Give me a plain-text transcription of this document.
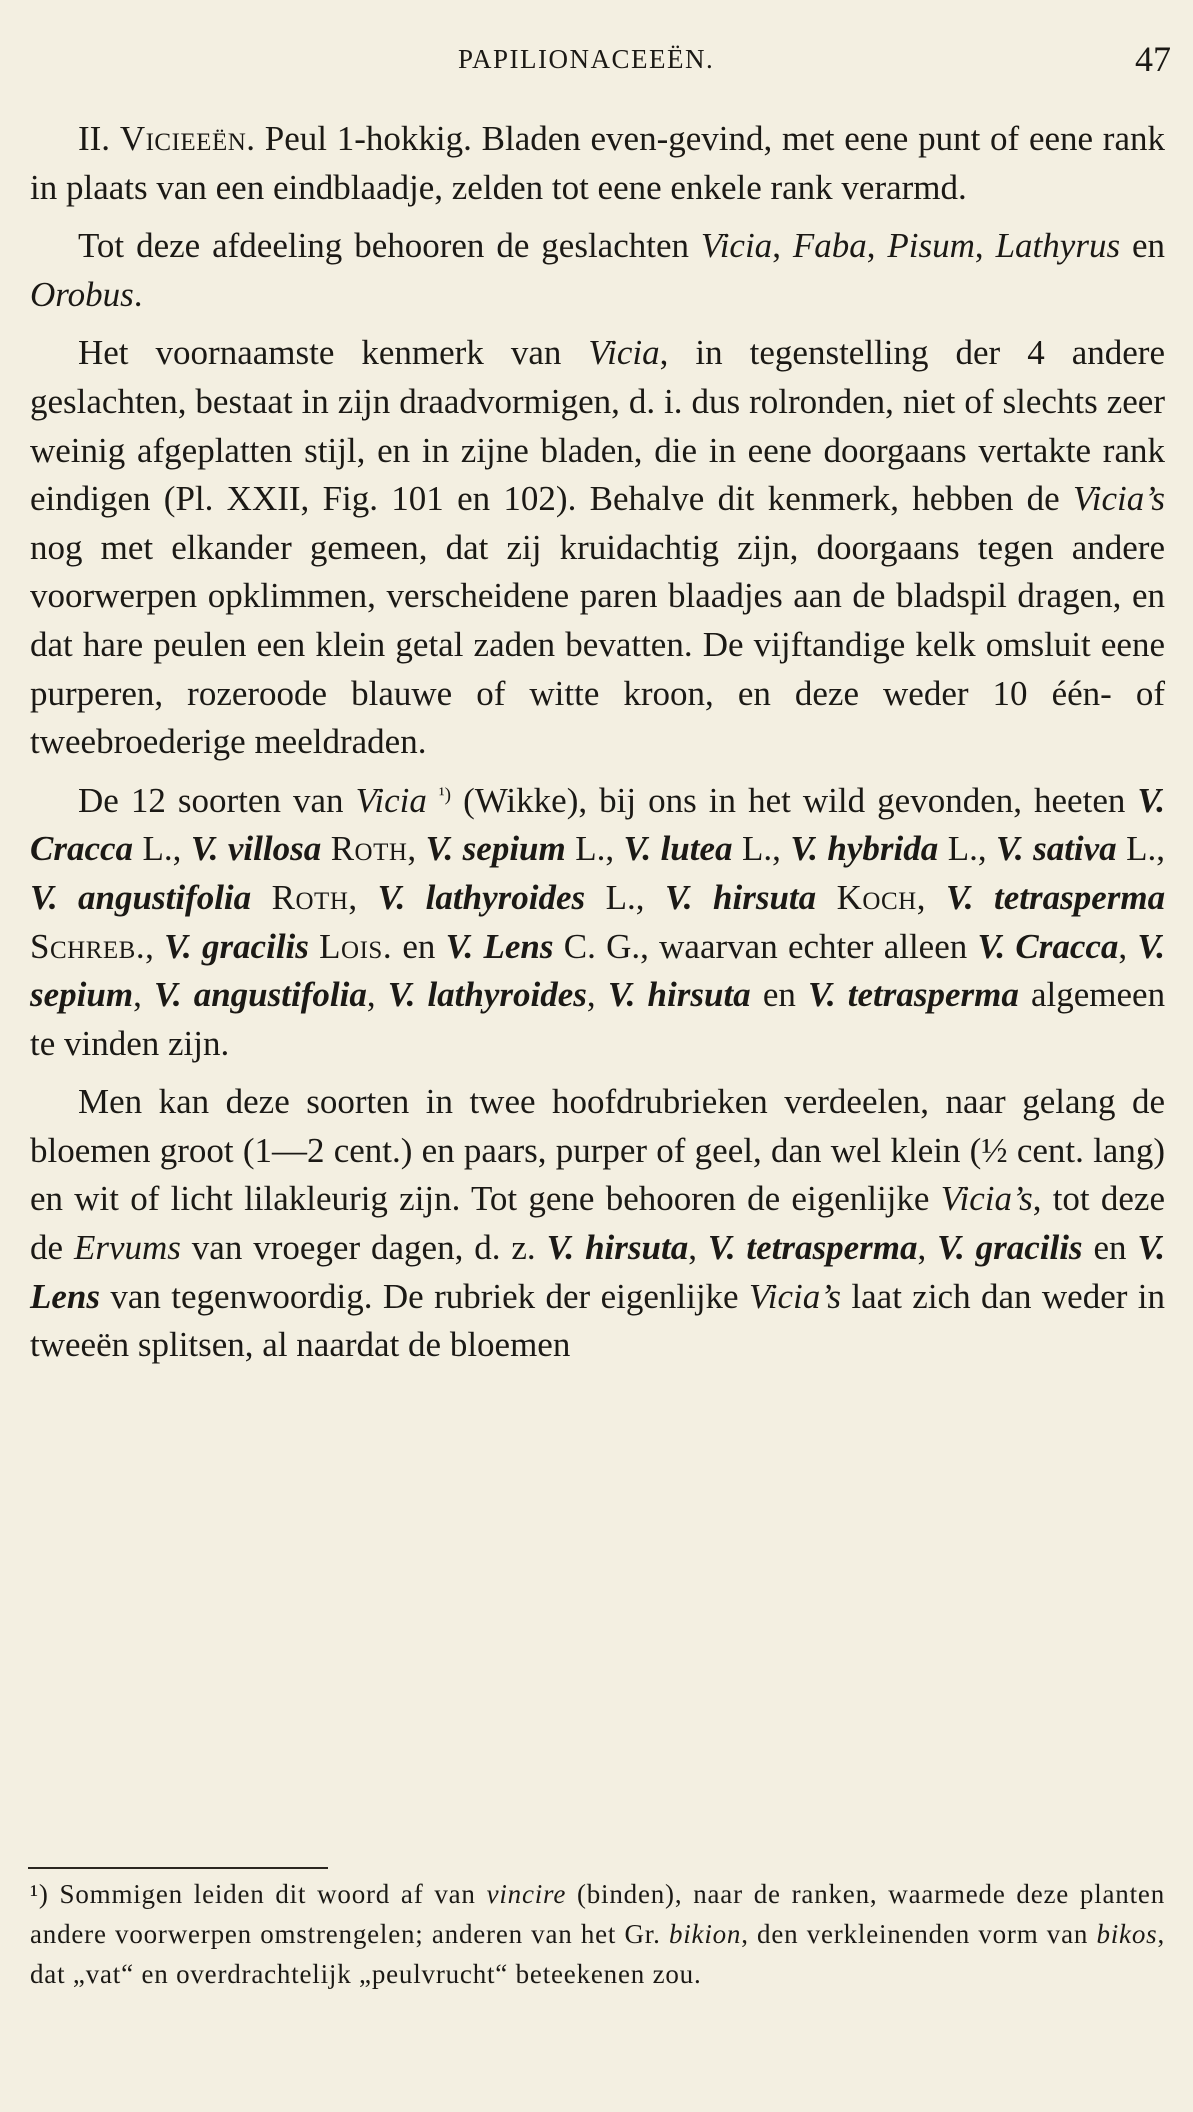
PAPILIONACEEËN.	47

II. Vicieeën. Peul 1-hokkig. Bladen even-gevind, met eene punt of eene rank in plaats van een eindblaadje, zelden tot eene enkele rank verarmd.

Tot deze afdeeling behooren de geslachten Vicia, Faba, Pisum, Lathyrus en Orobus.

Het voornaamste kenmerk van Vicia, in tegenstelling der 4 andere geslachten, bestaat in zijn draadvormigen, d. i. dus rolronden, niet of slechts zeer weinig afgeplatten stijl, en in zijne bladen, die in eene doorgaans vertakte rank eindigen (Pl. XXII, Fig. 101 en 102). Behalve dit kenmerk, hebben de Vicia’s nog met elkander gemeen, dat zij kruidachtig zijn, doorgaans tegen andere voorwerpen opklimmen, verscheidene paren blaadjes aan de bladspil dragen, en dat hare peulen een klein getal zaden bevatten. De vijftandige kelk omsluit eene purperen, rozeroode blauwe of witte kroon, en deze weder 10 één- of tweebroederige meeldraden.

De 12 soorten van Vicia $^{^1)}$ (Wikke), bij ons in het wild gevonden, heeten V. Cracca L., V. villosa Roth, V. sepium L., V. lutea L., V. hybrida L., V. sativa L., V. angustifolia Roth, V. lathyroides L., V. hirsuta Koch, V. tetrasperma Schreb., V. gracilis Lois. en V. Lens C. G., waarvan echter alleen V. Cracca, V. sepium, V. angustifolia, V. lathyroides, V. hirsuta en V. tetrasperma algemeen te vinden zijn.

Men kan deze soorten in twee hoofdrubrieken verdeelen, naar gelang de bloemen groot (1—2 cent.) en paars, purper of geel, dan wel klein (½ cent. lang) en wit of licht lilakleurig zijn. Tot gene behooren de eigenlijke Vicia’s, tot deze de Ervums van vroeger dagen, d. z. V. hirsuta, V. tetrasperma, V. gracilis en V. Lens van tegenwoordig. De rubriek der eigenlijke Vicia’s laat zich dan weder in tweeën splitsen, al naardat de bloemen

¹) Sommigen leiden dit woord af van vincire (binden), naar de ranken, waarmede deze planten andere voorwerpen omstrengelen; anderen van het Gr. bikion, den verkleinenden vorm van bikos, dat „vat“ en overdrachtelijk „peulvrucht“ beteekenen zou.
